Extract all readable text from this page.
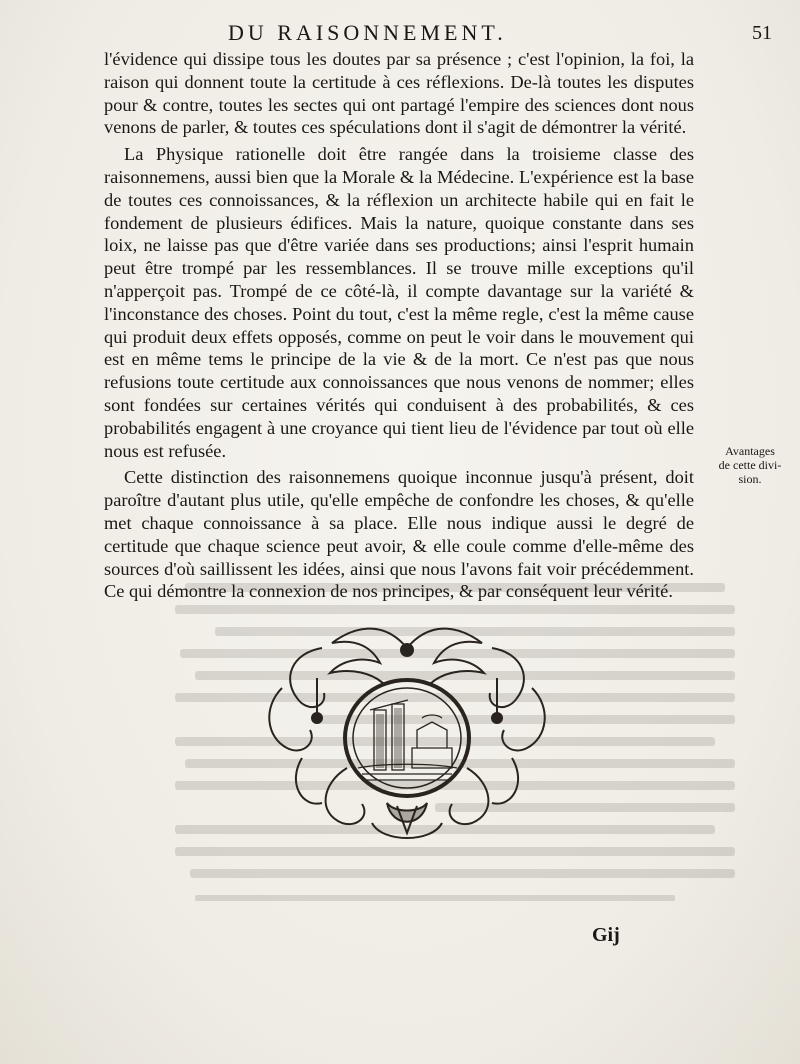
DU RAISONNEMENT.	51

l'évidence qui dissipe tous les doutes par sa présence ; c'est l'opinion, la foi, la raison qui donnent toute la certitude à ces réflexions. De-là toutes les disputes pour & contre, toutes les sectes qui ont partagé l'empire des sciences dont nous venons de parler, & toutes ces spéculations dont il s'agit de démontrer la vérité.

La Physique rationelle doit être rangée dans la troisieme classe des raisonnemens, aussi bien que la Morale & la Médecine. L'expérience est la base de toutes ces connoissances, & la réflexion un architecte habile qui en fait le fondement de plusieurs édifices. Mais la nature, quoique constante dans ses loix, ne laisse pas que d'être variée dans ses productions; ainsi l'esprit humain peut être trompé par les ressemblances. Il se trouve mille exceptions qu'il n'apperçoit pas. Trompé de ce côté-là, il compte davantage sur la variété & l'inconstance des choses. Point du tout, c'est la même regle, c'est la même cause qui produit deux effets opposés, comme on peut le voir dans le mouvement qui est en même tems le principe de la vie & de la mort. Ce n'est pas que nous refusions toute certitude aux connoissances que nous venons de nommer; elles sont fondées sur certaines vérités qui conduisent à des probabilités, & ces probabilités engagent à une croyance qui tient lieu de l'évidence par tout où elle nous est refusée.

Cette distinction des raisonnemens quoique inconnue jusqu'à présent, doit paroître d'autant plus utile, qu'elle empêche de confondre les choses, & qu'elle met chaque connoissance à sa place. Elle nous indique aussi le degré de certitude que chaque science peut avoir, & elle coule comme d'elle-même des sources d'où saillissent les idées, ainsi que nous l'avons fait voir précédemment. Ce qui démontre la connexion de nos principes, & par conséquent leur vérité.

Avantages
de cette divi-
sion.
Gij
